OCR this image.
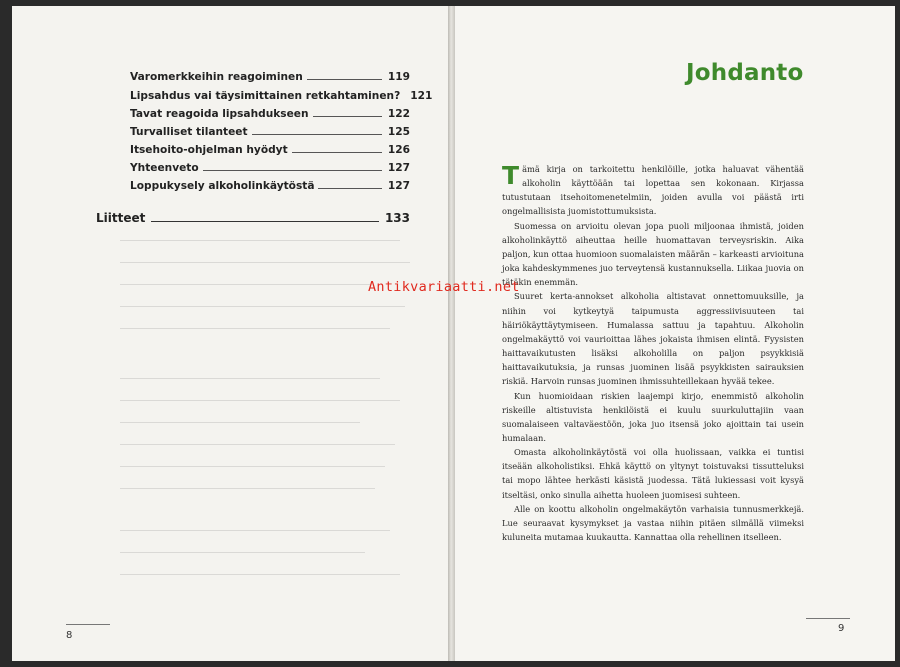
Varomerkkeihin reagoiminen	119
Lipsahdus vai täysimittainen retkahtaminen? 121
Tavat reagoida lipsahdukseen	122
Turvalliset tilanteet	125
Itsehoito-ohjelman hyödyt	126
Yhteenveto	127
Loppukysely alkoholinkäytöstä	127
Liitteet	133
8
Johdanto

Tämä kirja on tarkoitettu henkilöille, jotka haluavat vähentää alkoholin käyttöään tai lopettaa sen kokonaan. Kirjassa tutustutaan itsehoitomenetelmiin, joiden avulla voi päästä irti ongelmallisista juomistottumuksista.

Suomessa on arvioitu olevan jopa puoli miljoonaa ihmistä, joiden alkoholinkäyttö aiheuttaa heille huomattavan terveysriskin. Aika paljon, kun ottaa huomioon suomalaisten määrän – karkeasti arvioituna joka kahdeskymmenes juo terveytensä kustannuksella. Liikaa juovia on tätäkin enemmän.

Suuret kerta-annokset alkoholia altistavat onnettomuuksille, ja niihin voi kytkeytyä taipumusta aggressiivisuuteen tai häiriökäyttäytymiseen. Humalassa sattuu ja tapahtuu. Alkoholin ongelmakäyttö voi vaurioittaa lähes jokaista ihmisen elintä. Fyysisten haittavaikutusten lisäksi alkoholilla on paljon psyykkisiä haittavaikutuksia, ja runsas juominen lisää psyykkisten sairauksien riskiä. Harvoin runsas juominen ihmissuhteillekaan hyvää tekee.

Kun huomioidaan riskien laajempi kirjo, enemmistö alkoholin riskeille altistuvista henkilöistä ei kuulu suurkuluttajiin vaan suomalaiseen valtaväestöön, joka juo itsensä joko ajoittain tai usein humalaan.

Omasta alkoholinkäytöstä voi olla huolissaan, vaikka ei tuntisi itseään alkoholistiksi. Ehkä käyttö on yltynyt toistuvaksi tissutteluksi tai mopo lähtee herkästi käsistä juodessa. Tätä lukiessasi voit kysyä itseltäsi, onko sinulla aihetta huoleen juomisesi suhteen.

Alle on koottu alkoholin ongelmakäytön varhaisia tunnusmerkkejä. Lue seuraavat kysymykset ja vastaa niihin pitäen silmällä viimeksi kuluneita mutamaa kuukautta. Kannattaa olla rehellinen itselleen.

9
Antikvariaatti.net
